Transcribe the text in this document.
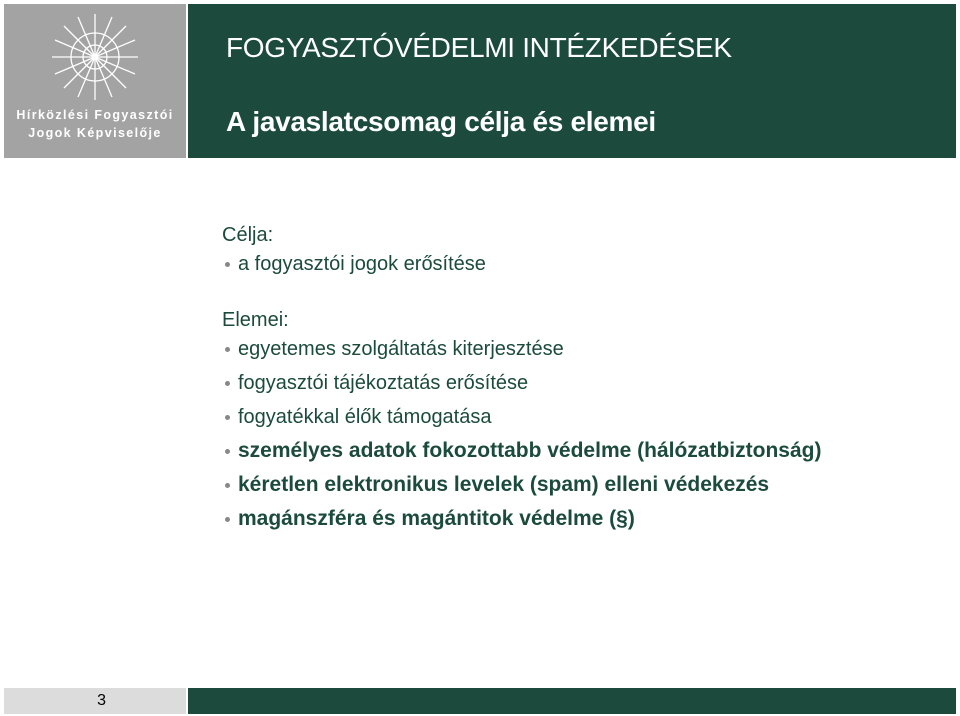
Hírközlési Fogyasztói
Jogok Képviselője
FOGYASZTÓVÉDELMI INTÉZKEDÉSEK
A javaslatcsomag célja és elemei

Célja:

a fogyasztói jogok erősítése

Elemei:

egyetemes szolgáltatás kiterjesztése
fogyasztói tájékoztatás erősítése
fogyatékkal élők támogatása
személyes adatok fokozottabb védelme (hálózatbiztonság)
kéretlen elektronikus levelek (spam) elleni védekezés
magánszféra és magántitok védelme (§)
3
